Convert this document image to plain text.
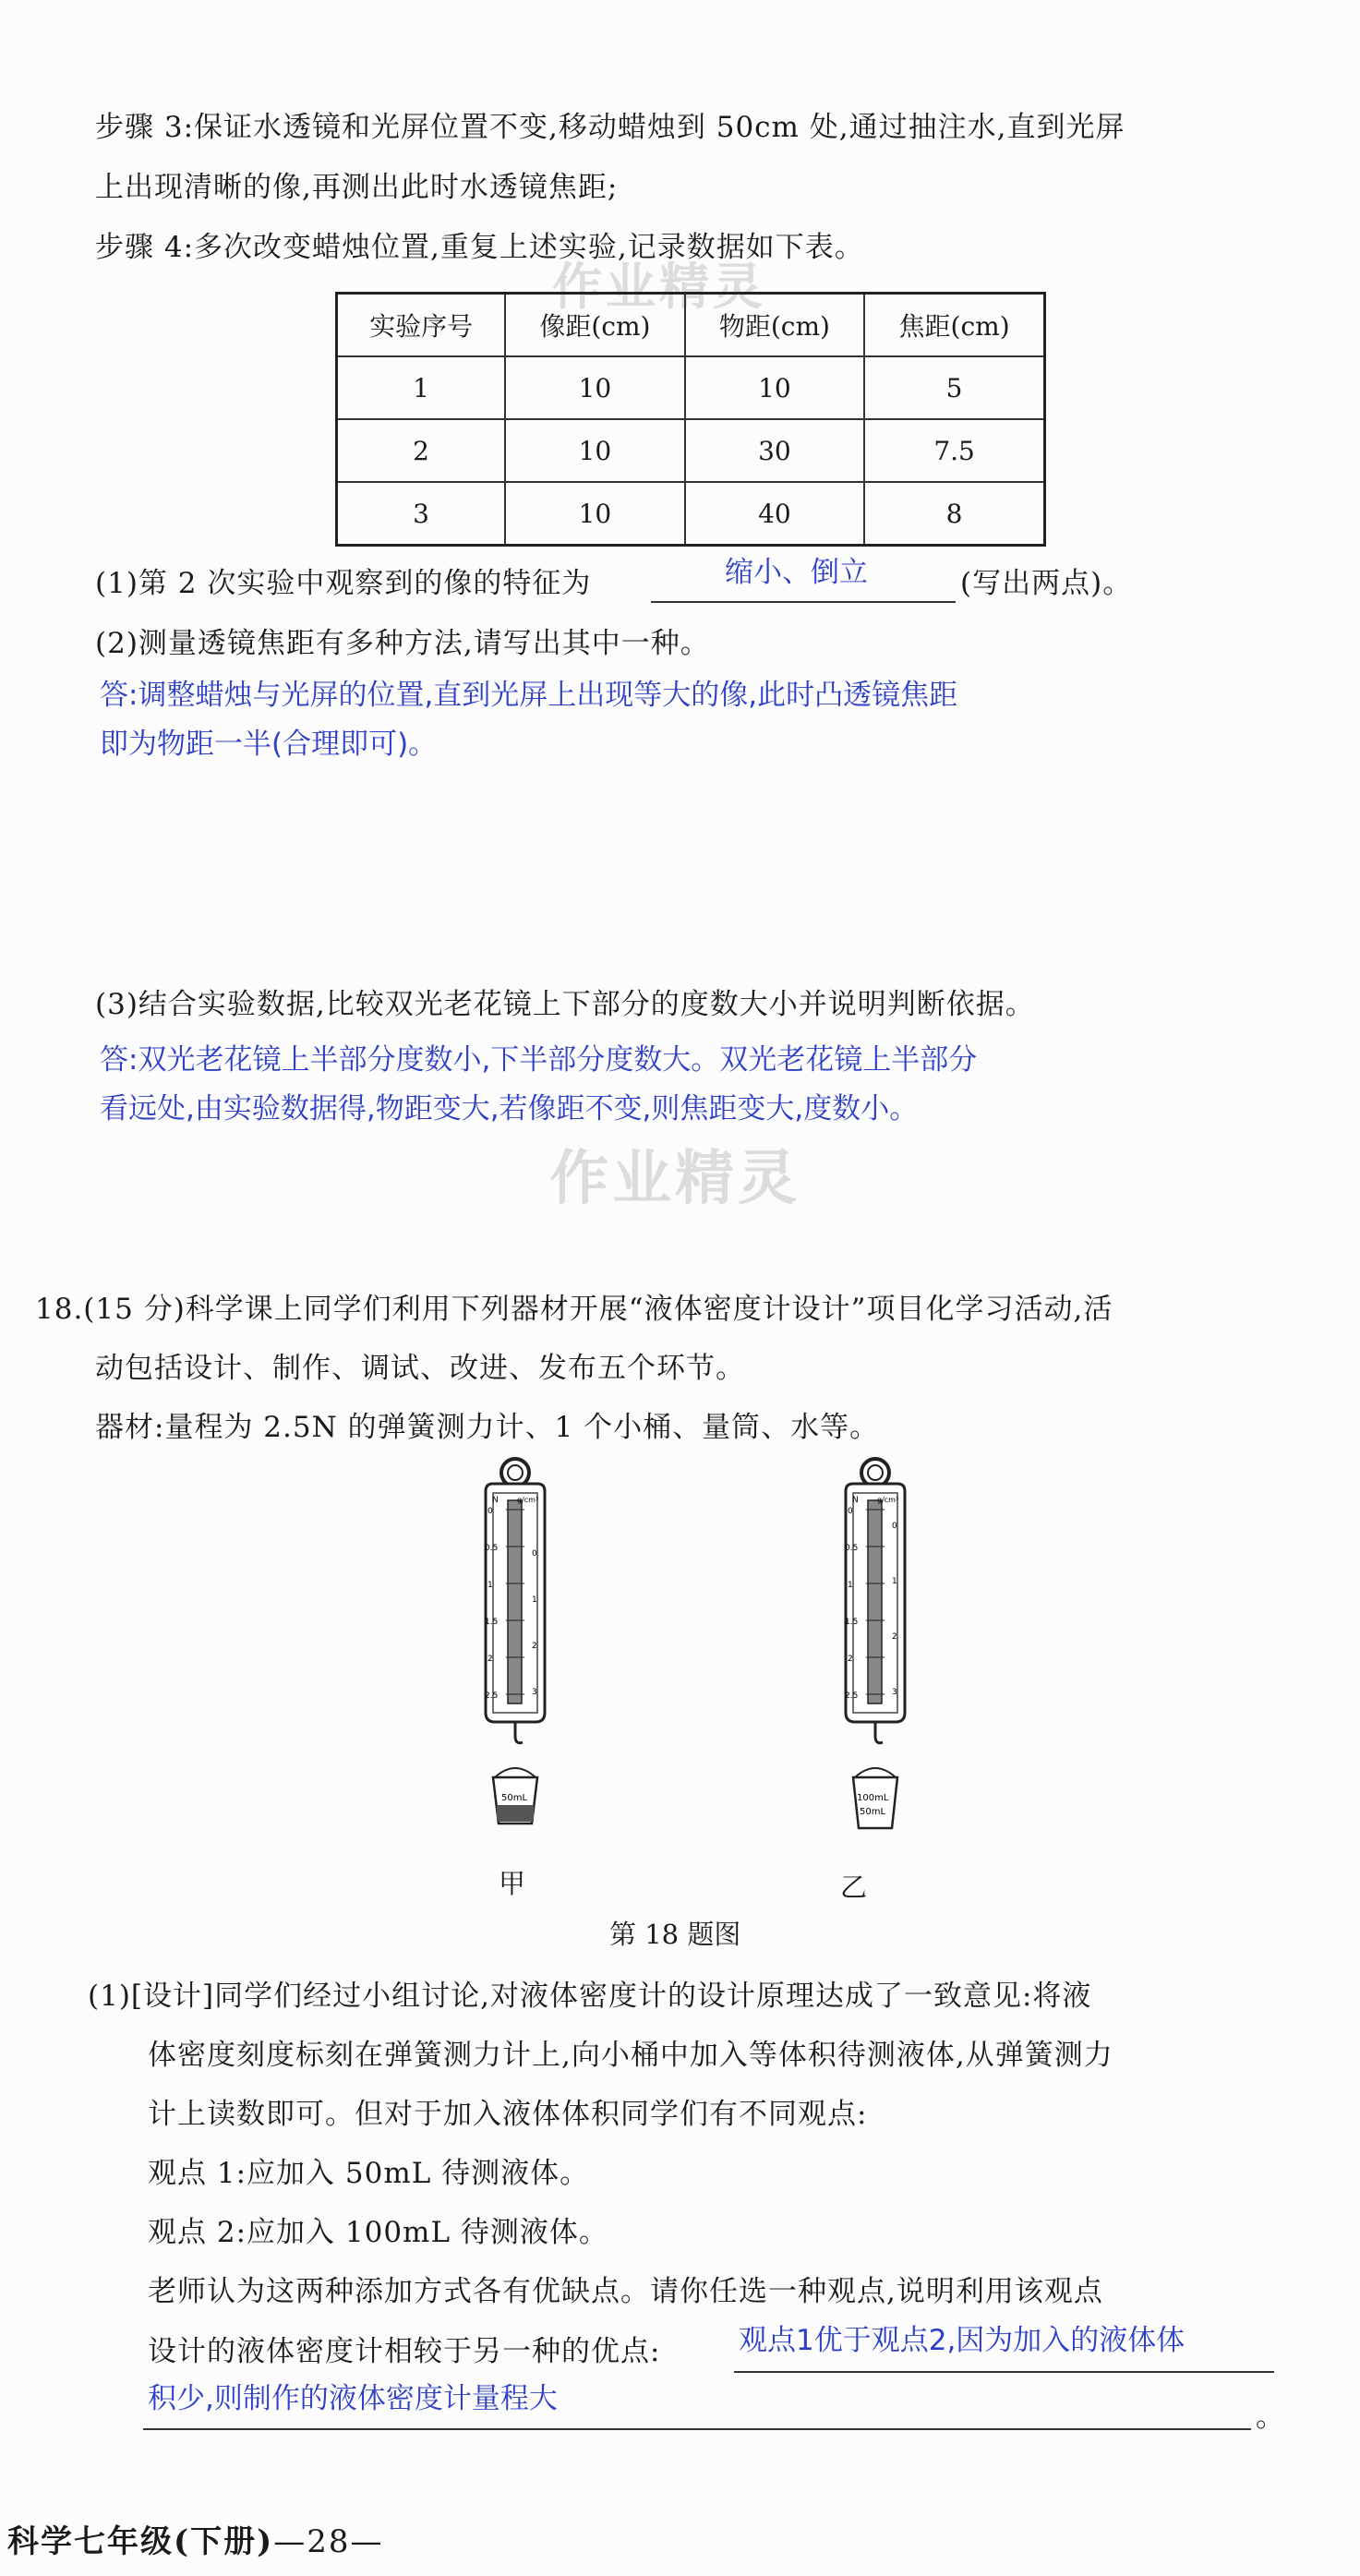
步骤 3:保证水透镜和光屏位置不变,移动蜡烛到 50cm 处,通过抽注水,直到光屏
上出现清晰的像,再测出此时水透镜焦距;
步骤 4:多次改变蜡烛位置,重复上述实验,记录数据如下表。
作业精灵
实验序号	像距(cm)	物距(cm)	焦距(cm)
1	10	10	5
2	10	30	7.5
3	10	40	8
(1)第 2 次实验中观察到的像的特征为	缩小、倒立	(写出两点)。
(2)测量透镜焦距有多种方法,请写出其中一种。
答:调整蜡烛与光屏的位置,直到光屏上出现等大的像,此时凸透镜焦距
即为物距一半(合理即可)。
(3)结合实验数据,比较双光老花镜上下部分的度数大小并说明判断依据。
答:双光老花镜上半部分度数小,下半部分度数大。双光老花镜上半部分
看远处,由实验数据得,物距变大,若像距不变,则焦距变大,度数小。
作业精灵
18.(15 分)科学课上同学们利用下列器材开展“液体密度计设计”项目化学习活动,活
动包括设计、制作、调试、改进、发布五个环节。
器材:量程为 2.5N 的弹簧测力计、1 个小桶、量筒、水等。
N	g/cm³
0
0.5
1
1.5
2
2.5
0
1
2
3
50mL
N	g/cm³
0
0.5
1
1.5
2
2.5
0
1
2
3
100mL
50mL
甲	乙
第 18 题图
(1)[设计]同学们经过小组讨论,对液体密度计的设计原理达成了一致意见:将液
体密度刻度标刻在弹簧测力计上,向小桶中加入等体积待测液体,从弹簧测力
计上读数即可。但对于加入液体体积同学们有不同观点:
观点 1:应加入 50mL 待测液体。
观点 2:应加入 100mL 待测液体。
老师认为这两种添加方式各有优缺点。请你任选一种观点,说明利用该观点
设计的液体密度计相较于另一种的优点:	观点1优于观点2,因为加入的液体体
积少,则制作的液体密度计量程大
。
科学七年级(下册)—28—
